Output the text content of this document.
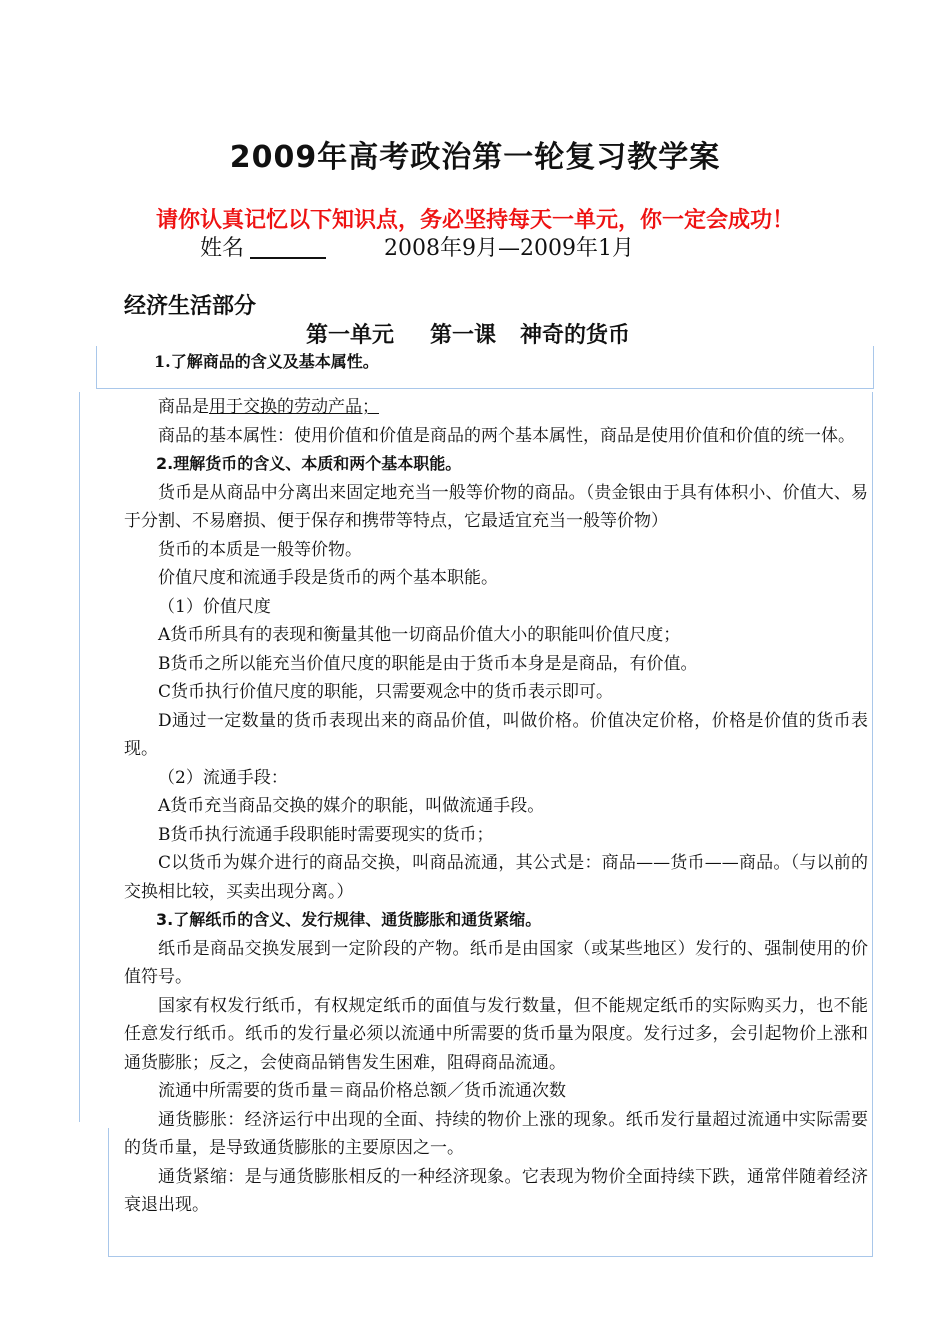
2009年高考政治第一轮复习教学案
请你认真记忆以下知识点，务必坚持每天一单元，你一定会成功！
姓名	2008年9月—2009年1月
经济生活部分
第一单元 第一课 神奇的货币
1.了解商品的含义及基本属性。

商品是用于交换的劳动产品；

商品的基本属性：使用价值和价值是商品的两个基本属性，商品是使用价值和价值的统一体。

2.理解货币的含义、本质和两个基本职能。

货币是从商品中分离出来固定地充当一般等价物的商品。（贵金银由于具有体积小、价值大、易于分割、不易磨损、便于保存和携带等特点，它最适宜充当一般等价物）

货币的本质是一般等价物。

价值尺度和流通手段是货币的两个基本职能。

（1）价值尺度

A货币所具有的表现和衡量其他一切商品价值大小的职能叫价值尺度；

B货币之所以能充当价值尺度的职能是由于货币本身是是商品，有价值。

C货币执行价值尺度的职能，只需要观念中的货币表示即可。

D通过一定数量的货币表现出来的商品价值，叫做价格。价值决定价格，价格是价值的货币表现。

（2）流通手段：

A货币充当商品交换的媒介的职能，叫做流通手段。

B货币执行流通手段职能时需要现实的货币；

C以货币为媒介进行的商品交换，叫商品流通，其公式是：商品——货币——商品。（与以前的交换相比较，买卖出现分离。）

3.了解纸币的含义、发行规律、通货膨胀和通货紧缩。

纸币是商品交换发展到一定阶段的产物。纸币是由国家（或某些地区）发行的、强制使用的价值符号。

国家有权发行纸币，有权规定纸币的面值与发行数量，但不能规定纸币的实际购买力，也不能任意发行纸币。纸币的发行量必须以流通中所需要的货币量为限度。发行过多，会引起物价上涨和通货膨胀；反之，会使商品销售发生困难，阻碍商品流通。

流通中所需要的货币量＝商品价格总额／货币流通次数

通货膨胀：经济运行中出现的全面、持续的物价上涨的现象。纸币发行量超过流通中实际需要的货币量，是导致通货膨胀的主要原因之一。

通货紧缩：是与通货膨胀相反的一种经济现象。它表现为物价全面持续下跌，通常伴随着经济衰退出现。
